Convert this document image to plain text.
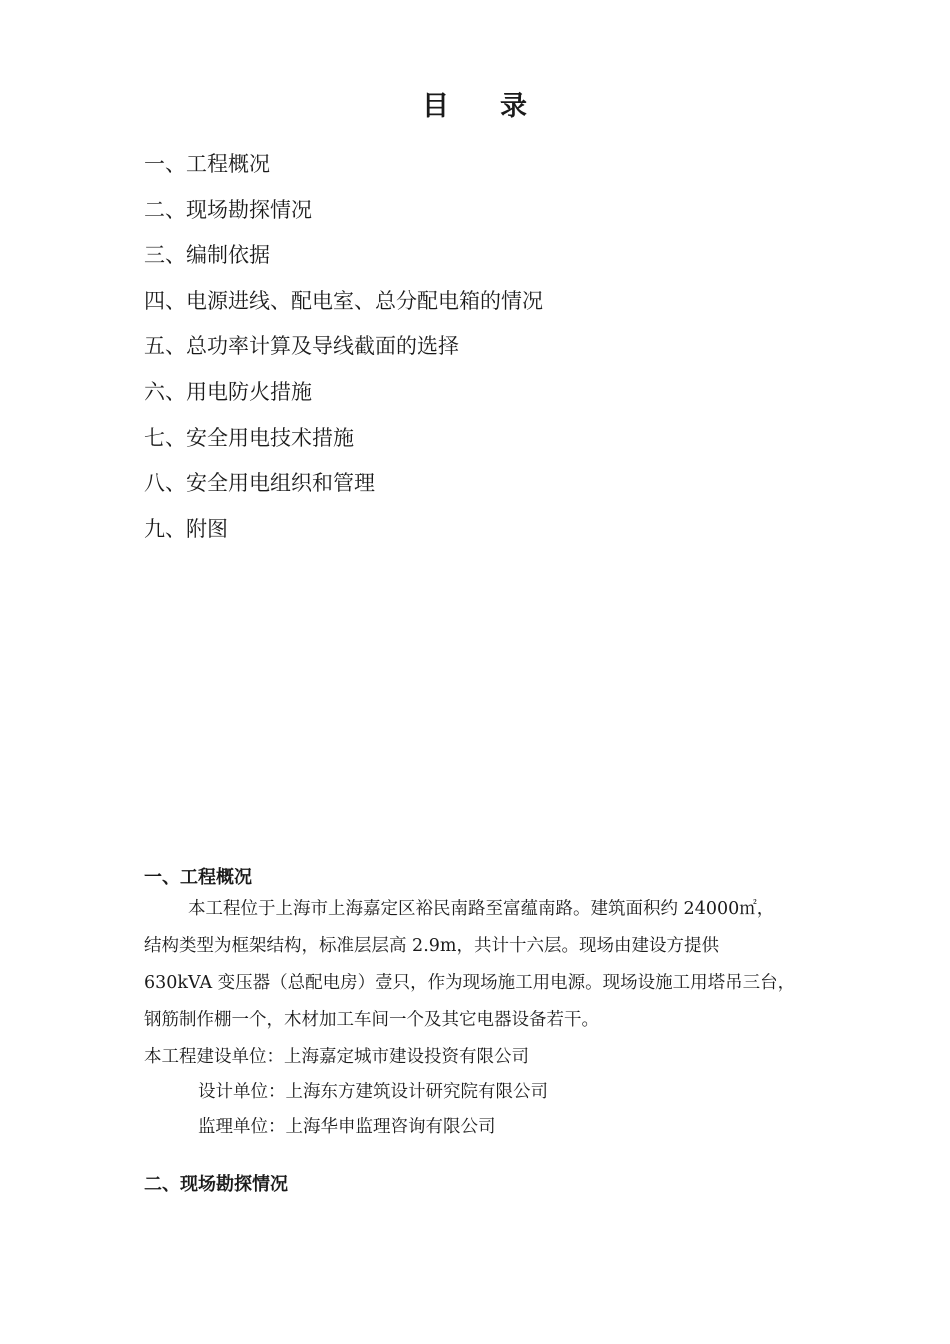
目 录
一、工程概况
二、现场勘探情况
三、编制依据
四、电源进线、配电室、总分配电箱的情况
五、总功率计算及导线截面的选择
六、用电防火措施
七、安全用电技术措施
八、安全用电组织和管理
九、附图
一、工程概况
本工程位于上海市上海嘉定区裕民南路至富蕴南路。建筑面积约 24000㎡，
结构类型为框架结构，标准层层高 2.9m，共计十六层。现场由建设方提供
630kVA 变压器（总配电房）壹只，作为现场施工用电源。现场设施工用塔吊三台，
钢筋制作棚一个，木材加工车间一个及其它电器设备若干。
本工程建设单位：上海嘉定城市建设投资有限公司
设计单位：上海东方建筑设计研究院有限公司
监理单位：上海华申监理咨询有限公司
二、现场勘探情况
